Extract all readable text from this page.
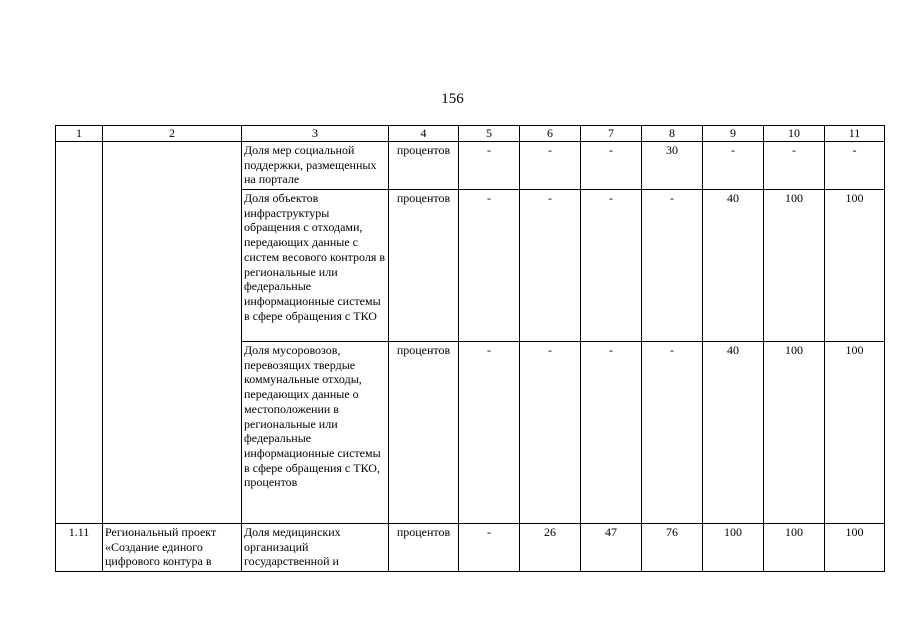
156
1	2	3	4	5	6	7	8	9	10	11
		Доля мер социальной поддержки, размещенных на портале	процентов	-	-	-	30	-	-	-
		Доля объектов инфраструктуры обращения с отходами, передающих данные с систем весового контроля в региональные или федеральные информационные системы в сфере обращения с ТКО	процентов	-	-	-	-	40	100	100
		Доля мусоровозов, перевозящих твердые коммунальные отходы, передающих данные о местоположении в региональные или федеральные информационные системы в сфере обращения с ТКО, процентов	процентов	-	-	-	-	40	100	100
1.11	Региональный проект «Создание единого цифрового контура в	Доля медицинских организаций государственной и	процентов	-	26	47	76	100	100	100
